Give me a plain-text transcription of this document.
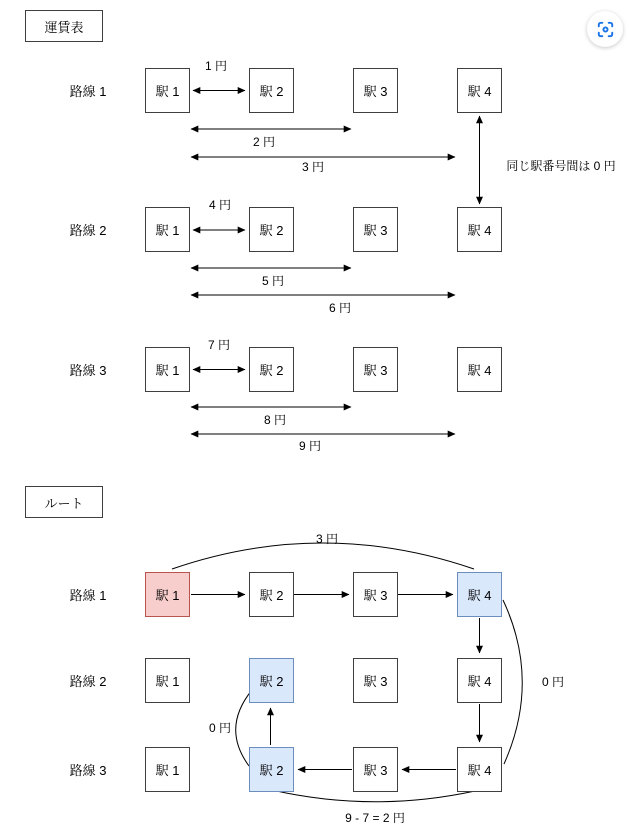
運賃表
ルート
路線 1
路線 2
路線 3
駅 1	駅 2	駅 3	駅 4
駅 1	駅 2	駅 3	駅 4
駅 1	駅 2	駅 3	駅 4
1 円
2 円
3 円	同じ駅番号間は 0 円
4 円
5 円
6 円
7 円
8 円
9 円
路線 1
路線 2
路線 3
駅 1	駅 2	駅 3	駅 4
駅 1	駅 2	駅 3	駅 4
駅 1	駅 2	駅 3	駅 4
3 円
0 円
0 円
9 - 7 = 2 円
